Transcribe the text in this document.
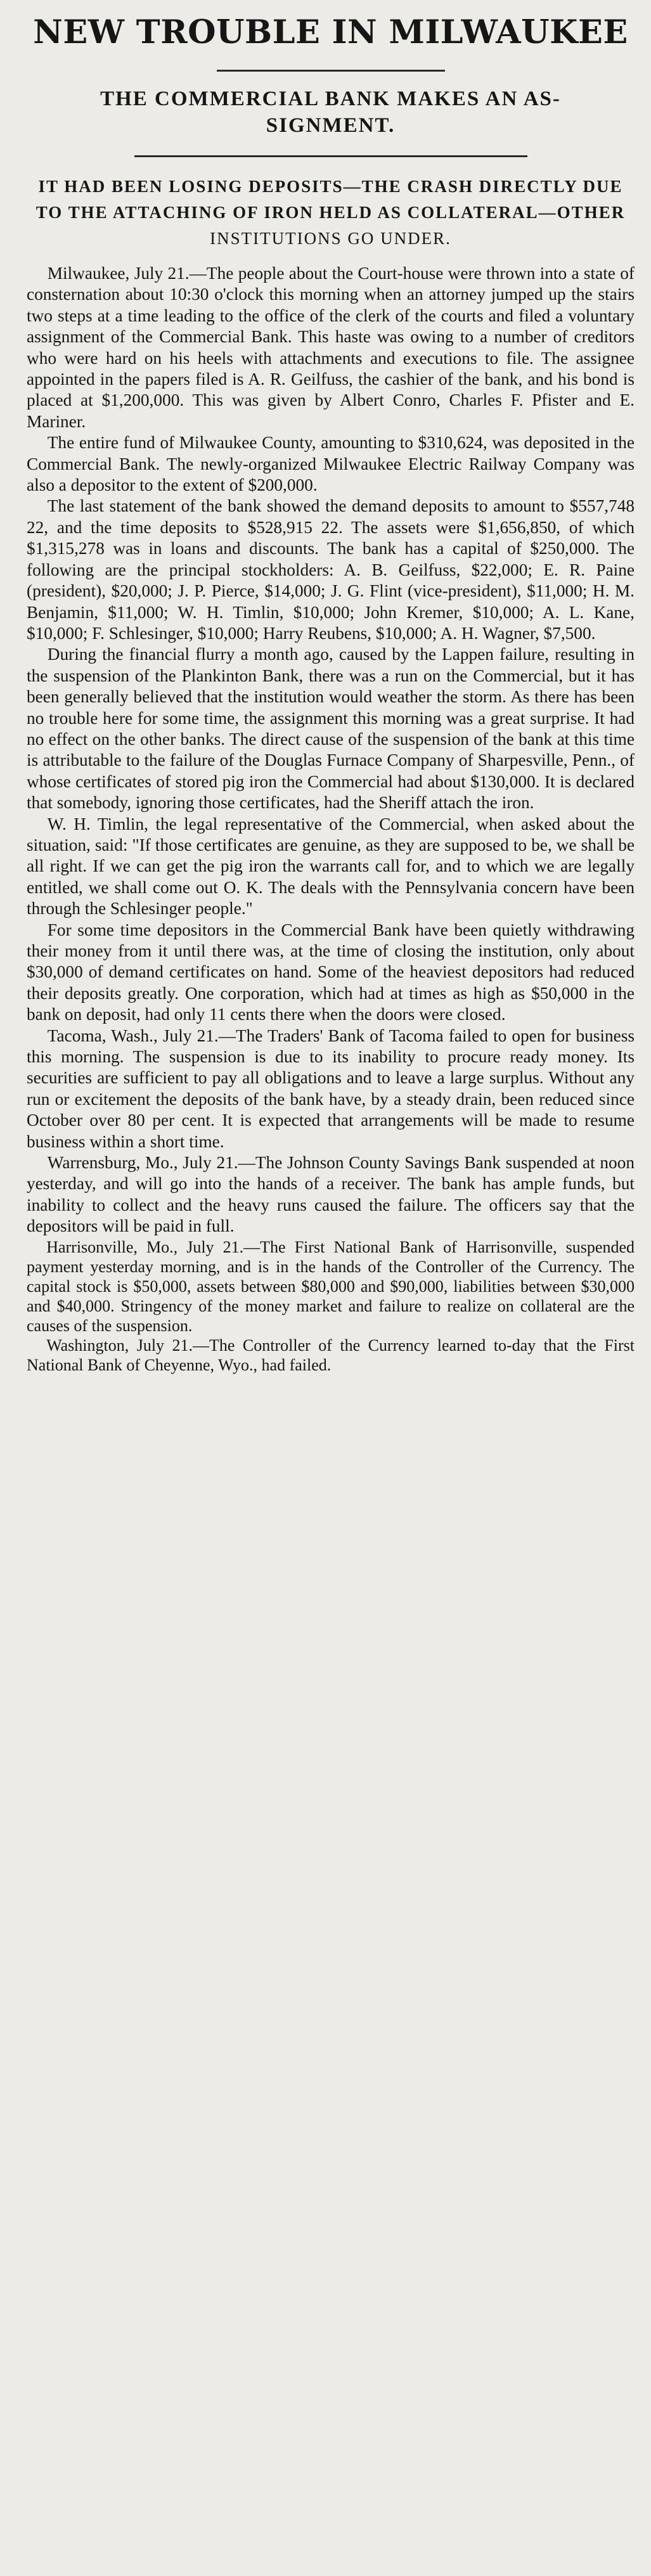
NEW TROUBLE IN MILWAUKEE
THE COMMERCIAL BANK MAKES AN AS-SIGNMENT.
IT HAD BEEN LOSING DEPOSITS—THE CRASH DIRECTLY DUE TO THE ATTACHING OF IRON HELD AS COLLATERAL—OTHER INSTITUTIONS GO UNDER.

Milwaukee, July 21.—The people about the Court-house were thrown into a state of consternation about 10:30 o'clock this morning when an attorney jumped up the stairs two steps at a time leading to the office of the clerk of the courts and filed a voluntary assignment of the Commercial Bank. This haste was owing to a number of creditors who were hard on his heels with attachments and executions to file. The assignee appointed in the papers filed is A. R. Geilfuss, the cashier of the bank, and his bond is placed at $1,200,000. This was given by Albert Conro, Charles F. Pfister and E. Mariner.

The entire fund of Milwaukee County, amounting to $310,624, was deposited in the Commercial Bank. The newly-organized Milwaukee Electric Railway Company was also a depositor to the extent of $200,000.

The last statement of the bank showed the demand deposits to amount to $557,748 22, and the time deposits to $528,915 22. The assets were $1,656,850, of which $1,315,278 was in loans and discounts. The bank has a capital of $250,000. The following are the principal stockholders: A. B. Geilfuss, $22,000; E. R. Paine (president), $20,000; J. P. Pierce, $14,000; J. G. Flint (vice-president), $11,000; H. M. Benjamin, $11,000; W. H. Timlin, $10,000; John Kremer, $10,000; A. L. Kane, $10,000; F. Schlesinger, $10,000; Harry Reubens, $10,000; A. H. Wagner, $7,500.

During the financial flurry a month ago, caused by the Lappen failure, resulting in the suspension of the Plankinton Bank, there was a run on the Commercial, but it has been generally believed that the institution would weather the storm. As there has been no trouble here for some time, the assignment this morning was a great surprise. It had no effect on the other banks. The direct cause of the suspension of the bank at this time is attributable to the failure of the Douglas Furnace Company of Sharpesville, Penn., of whose certificates of stored pig iron the Commercial had about $130,000. It is declared that somebody, ignoring those certificates, had the Sheriff attach the iron.

W. H. Timlin, the legal representative of the Commercial, when asked about the situation, said: "If those certificates are genuine, as they are supposed to be, we shall be all right. If we can get the pig iron the warrants call for, and to which we are legally entitled, we shall come out O. K. The deals with the Pennsylvania concern have been through the Schlesinger people."

For some time depositors in the Commercial Bank have been quietly withdrawing their money from it until there was, at the time of closing the institution, only about $30,000 of demand certificates on hand. Some of the heaviest depositors had reduced their deposits greatly. One corporation, which had at times as high as $50,000 in the bank on deposit, had only 11 cents there when the doors were closed.

Tacoma, Wash., July 21.—The Traders' Bank of Tacoma failed to open for business this morning. The suspension is due to its inability to procure ready money. Its securities are sufficient to pay all obligations and to leave a large surplus. Without any run or excitement the deposits of the bank have, by a steady drain, been reduced since October over 80 per cent. It is expected that arrangements will be made to resume business within a short time.

Warrensburg, Mo., July 21.—The Johnson County Savings Bank suspended at noon yesterday, and will go into the hands of a receiver. The bank has ample funds, but inability to collect and the heavy runs caused the failure. The officers say that the depositors will be paid in full.

Harrisonville, Mo., July 21.—The First National Bank of Harrisonville, suspended payment yesterday morning, and is in the hands of the Controller of the Currency. The capital stock is $50,000, assets between $80,000 and $90,000, liabilities between $30,000 and $40,000. Stringency of the money market and failure to realize on collateral are the causes of the suspension.

Washington, July 21.—The Controller of the Currency learned to-day that the First National Bank of Cheyenne, Wyo., had failed.
